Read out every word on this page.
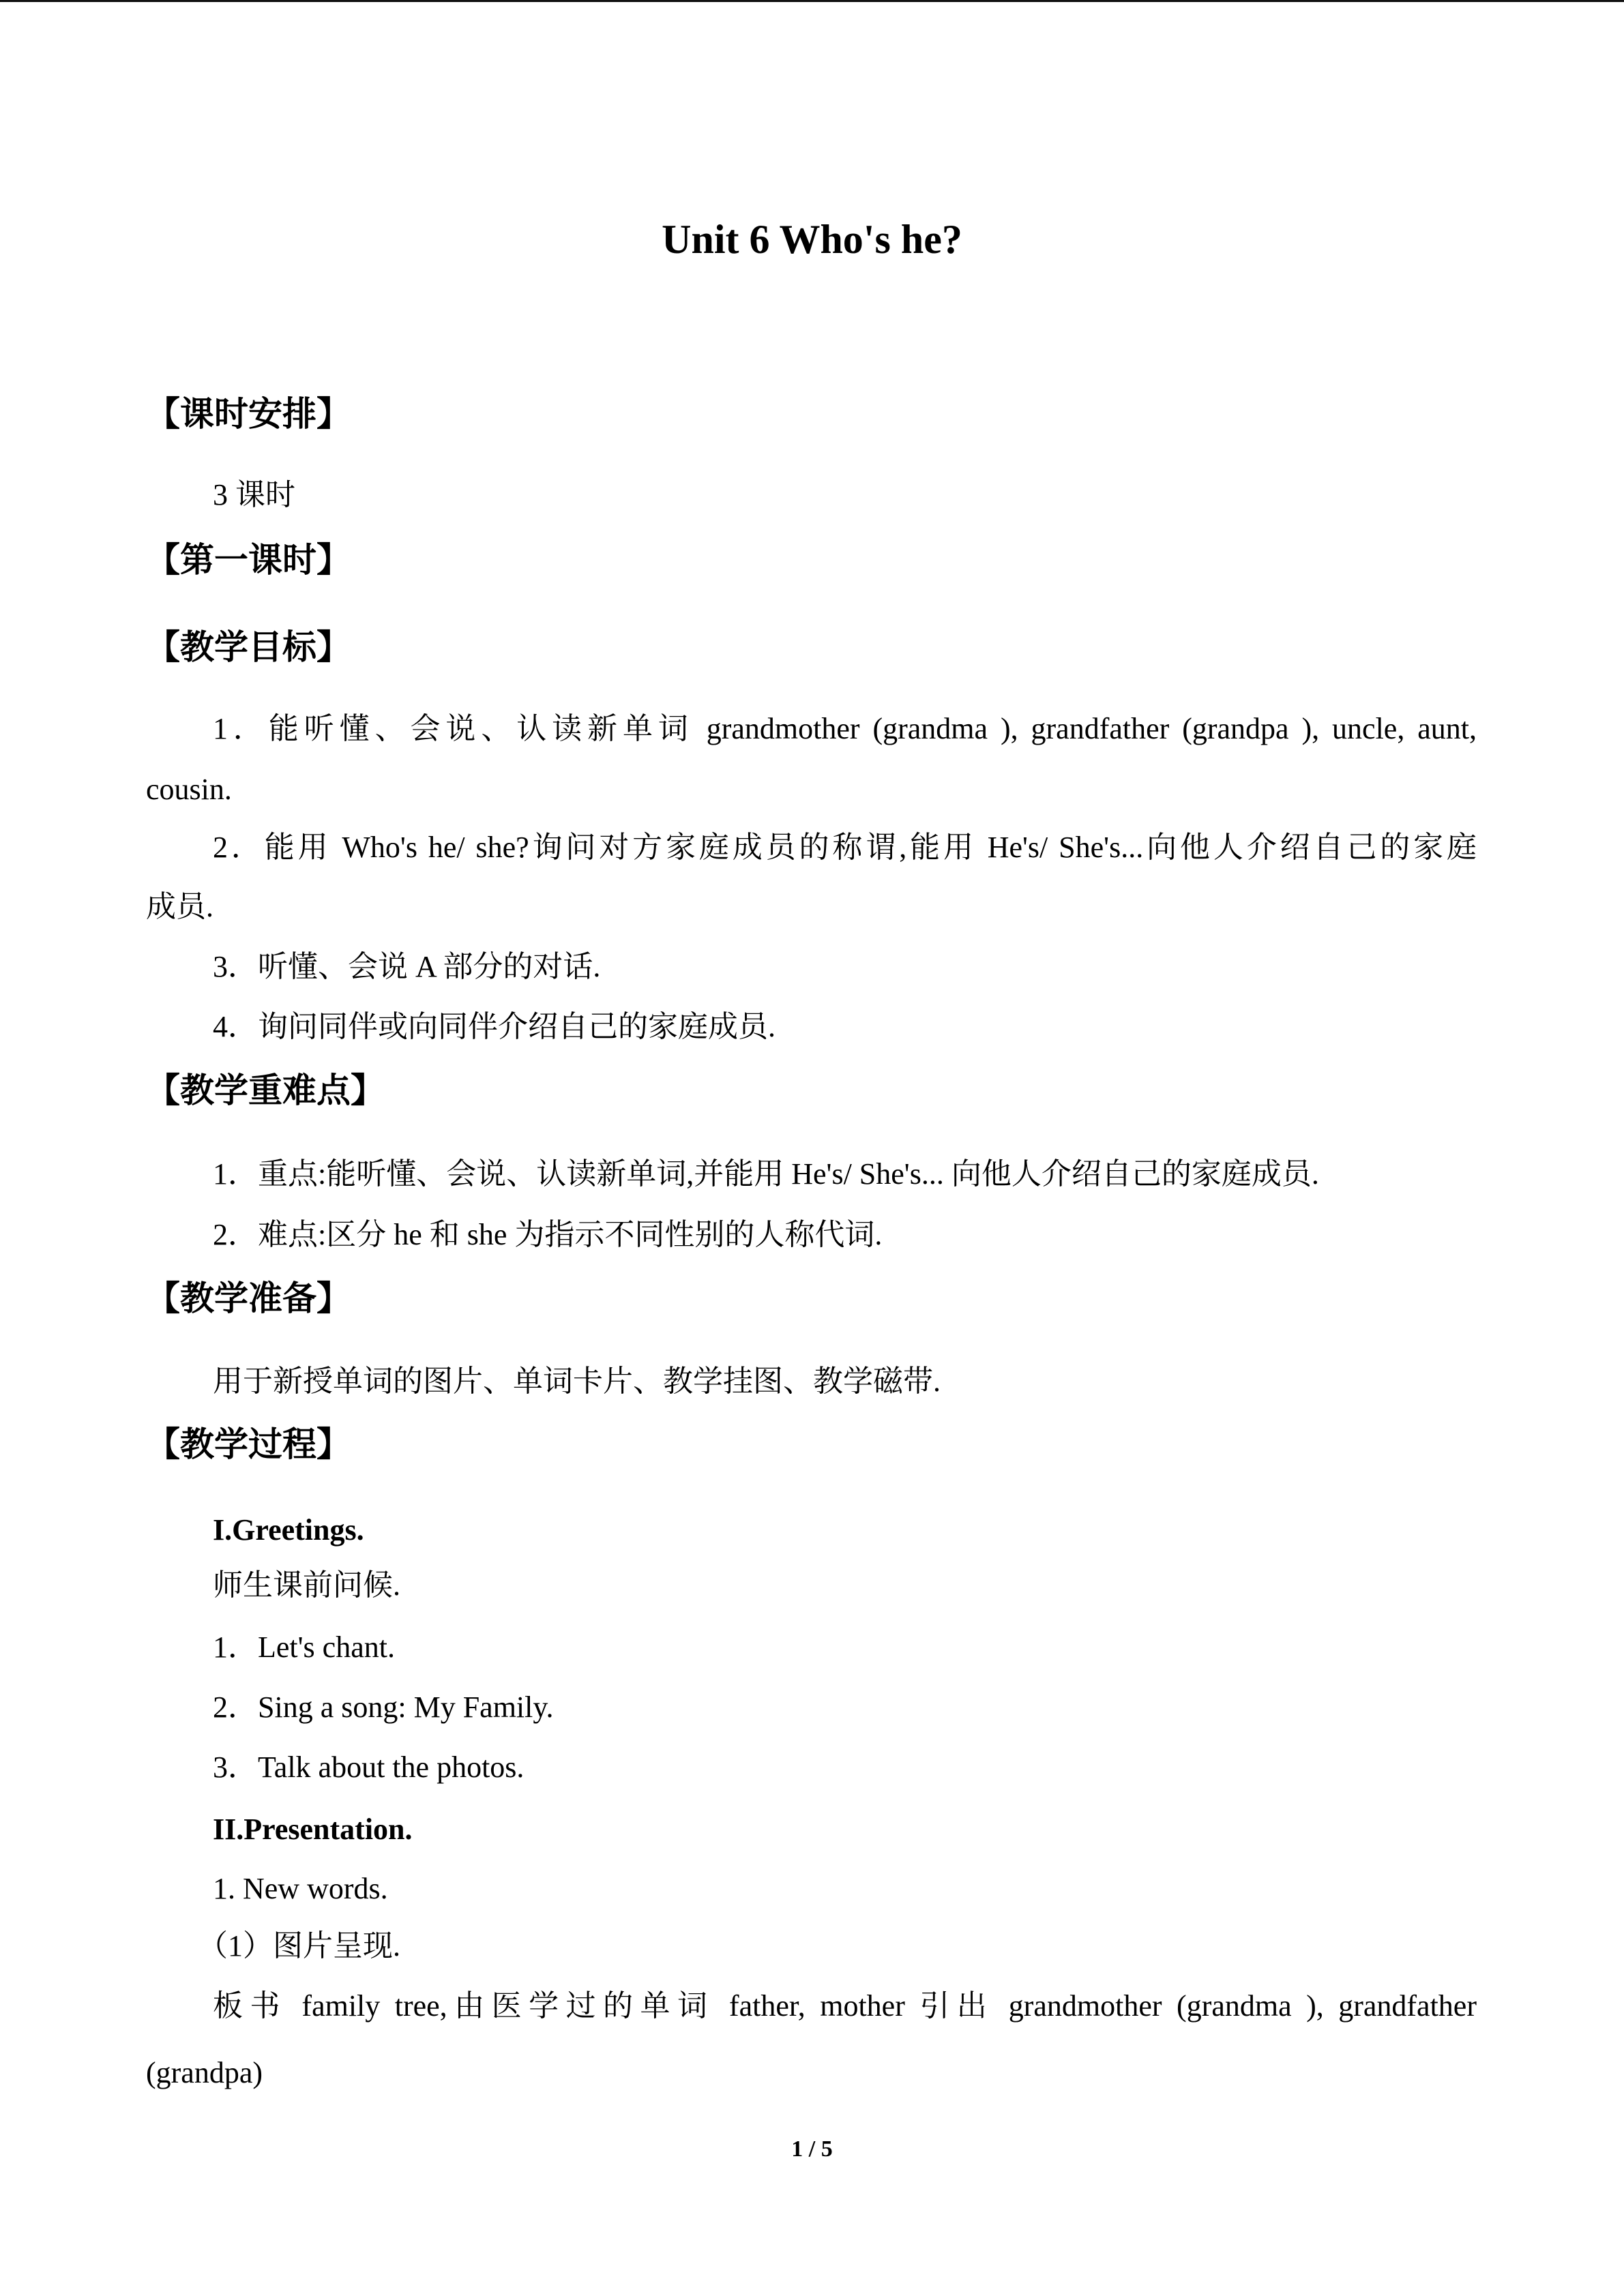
Unit 6 Who's he?
【课时安排】
3 课时
【第一课时】
【教学目标】
1．能听懂、会说、认读新单词 grandmother (grandma ), grandfather (grandpa ), uncle, aunt,
cousin.
2．能用 Who's he/ she?询问对方家庭成员的称谓,能用 He's/ She's...向他人介绍自己的家庭
成员.
3．听懂、会说 A 部分的对话.
4．询问同伴或向同伴介绍自己的家庭成员.
【教学重难点】
1．重点:能听懂、会说、认读新单词,并能用 He's/ She's... 向他人介绍自己的家庭成员.
2．难点:区分 he 和 she 为指示不同性别的人称代词.
【教学准备】
用于新授单词的图片、单词卡片、教学挂图、教学磁带.
【教学过程】
I.Greetings.
师生课前问候.
1．Let's chant.
2．Sing a song: My Family.
3．Talk about the photos.
II.Presentation.
1. New words.
（1）图片呈现.
板书 family tree,由医学过的单词 father, mother 引出 grandmother (grandma ), grandfather
(grandpa)
1 / 5
